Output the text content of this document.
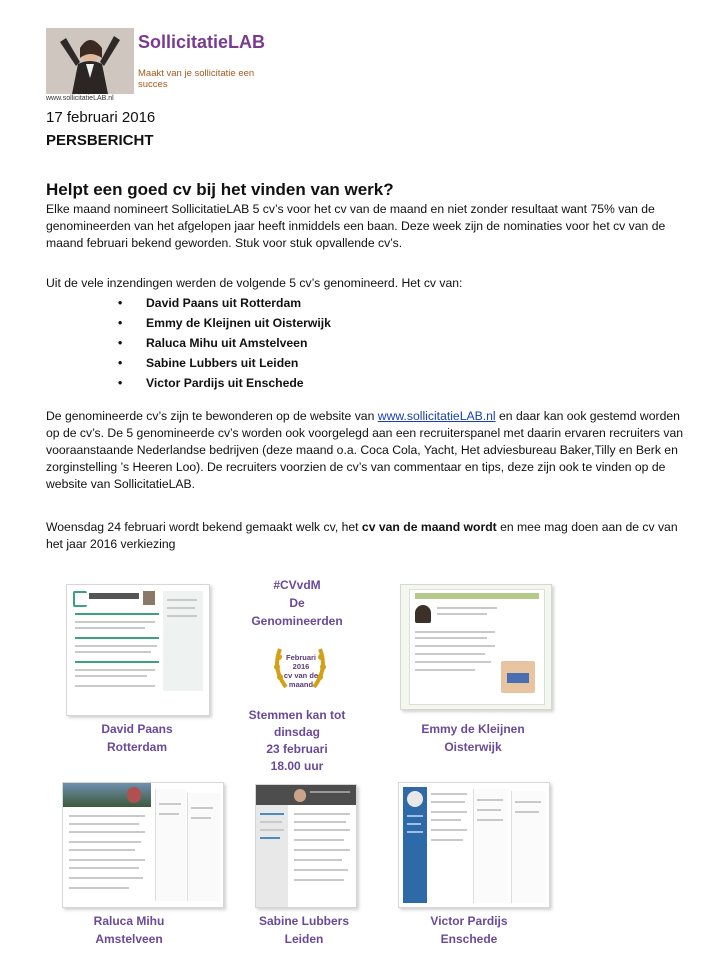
SollicitatieLAB
Maakt van je sollicitatie een succes
www.sollicitatieLAB.nl
17 februari 2016
PERSBERICHT
Helpt een goed cv bij het vinden van werk?
Elke maand nomineert SollicitatieLAB 5 cv’s voor het cv van de maand en niet zonder resultaat want 75% van de genomineerden van het afgelopen jaar heeft inmiddels een baan. Deze week zijn de nominaties voor het cv van de maand februari bekend geworden. Stuk voor stuk opvallende cv’s.
Uit de vele inzendingen werden de volgende 5 cv’s genomineerd. Het cv van:
• David Paans uit Rotterdam
• Emmy de Kleijnen uit Oisterwijk
• Raluca Mihu uit Amstelveen
• Sabine Lubbers uit Leiden
• Victor Pardijs uit Enschede
De genomineerde cv’s zijn te bewonderen op de website van www.sollicitatieLAB.nl en daar kan ook gestemd worden op de cv’s. De 5 genomineerde cv’s worden ook voorgelegd aan een recruiterspanel met daarin ervaren recruiters van vooraanstaande Nederlandse bedrijven (deze maand o.a. Coca Cola, Yacht, Het adviesbureau Baker,Tilly en Berk en zorginstelling ’s Heeren Loo). De recruiters voorzien de cv’s van commentaar en tips, deze zijn ook te vinden op de website van SollicitatieLAB.
Woensdag 24 februari wordt bekend gemaakt welk cv, het cv van de maand wordt en mee mag doen aan de cv van het jaar 2016 verkiezing
David Paans
Rotterdam
#CVvdM
De
Genomineerden
Februari
2016
cv van de
maand
Stemmen kan tot
dinsdag
23 februari
18.00 uur
Emmy de Kleijnen
Oisterwijk
Raluca Mihu
Amstelveen
Sabine Lubbers
Leiden
Victor Pardijs
Enschede
